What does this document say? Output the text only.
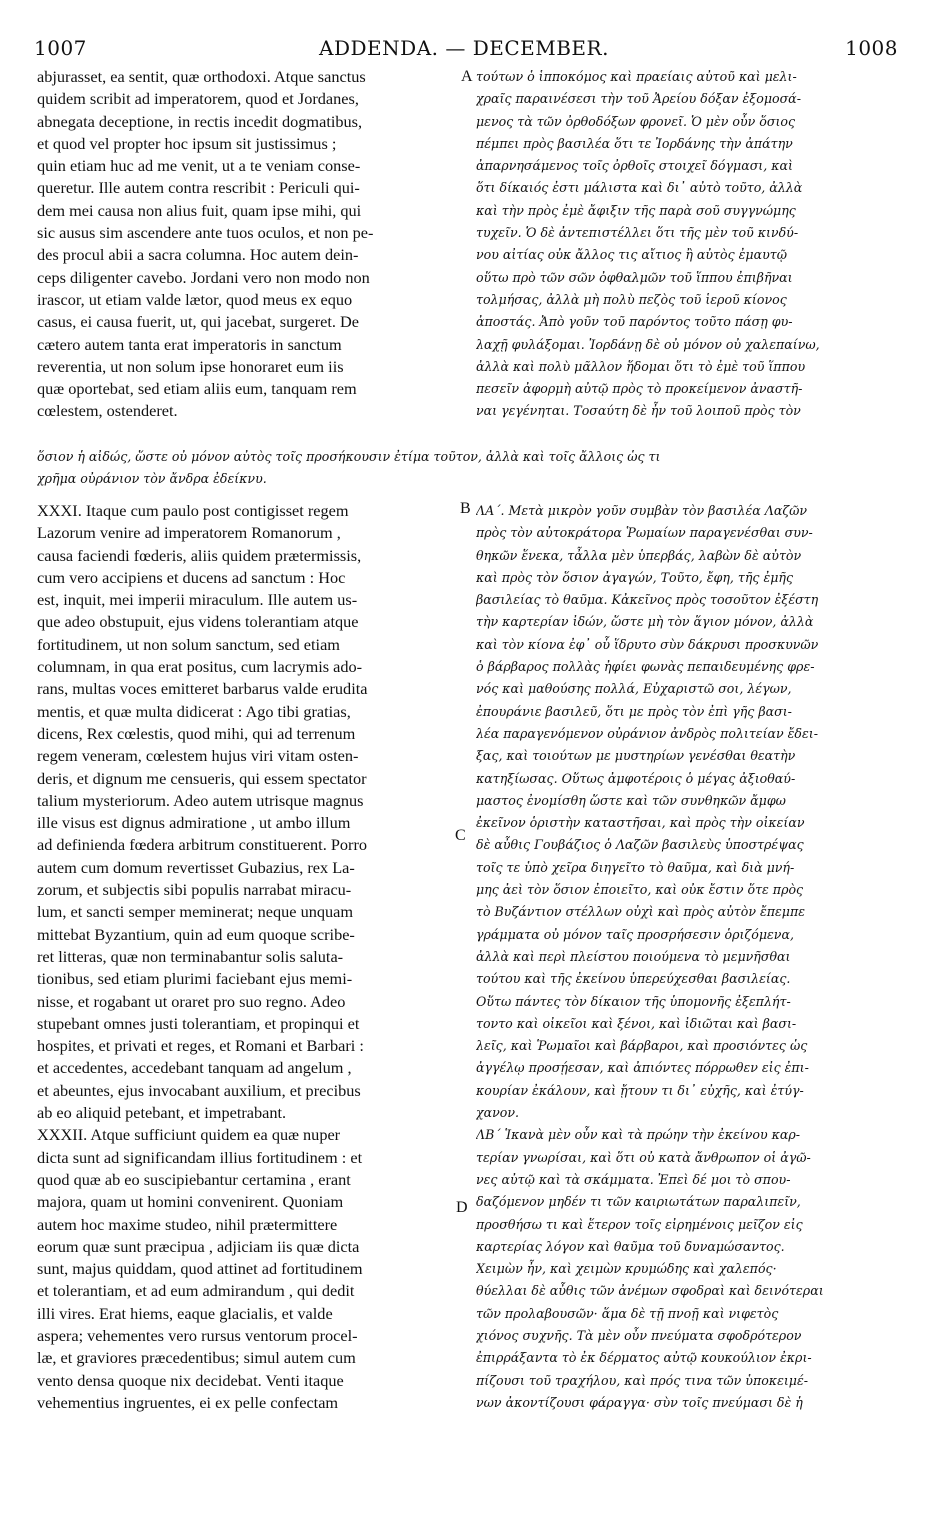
1007	ADDENDA. — DECEMBER.	1008
abjurasset, ea sentit, quæ orthodoxi. Atque sanctus
quidem scribit ad imperatorem, quod et Jordanes,
abnegata deceptione, in rectis incedit dogmatibus,
et quod vel propter hoc ipsum sit justissimus ;
quin etiam huc ad me venit, ut a te veniam conse-
queretur. Ille autem contra rescribit : Periculi qui-
dem mei causa non alius fuit, quam ipse mihi, qui
sic ausus sim ascendere ante tuos oculos, et non pe-
des procul abii a sacra columna. Hoc autem dein-
ceps diligenter cavebo. Jordani vero non modo non
irascor, ut etiam valde lætor, quod meus ex equo
casus, ei causa fuerit, ut, qui jacebat, surgeret. De
cætero autem tanta erat imperatoris in sanctum
reverentia, ut non solum ipse honoraret eum iis
quæ oportebat, sed etiam aliis eum, tanquam rem
cœlestem, ostenderet.
τούτων ὁ ἱπποκόμος καὶ πραείαις αὐτοῦ καὶ μελι-
χραῖς παραινέσεσι τὴν τοῦ Ἀρείου δόξαν ἐξομοσά-
μενος τὰ τῶν ὀρθοδόξων φρονεῖ. Ὁ μὲν οὖν ὅσιος
πέμπει πρὸς βασιλέα ὅτι τε Ἰορδάνης τὴν ἀπάτην
ἀπαρνησάμενος τοῖς ὀρθοῖς στοιχεῖ δόγμασι, καὶ
ὅτι δίκαιός ἐστι μάλιστα καὶ δι᾽ αὐτὸ τοῦτο, ἀλλὰ
καὶ τὴν πρὸς ἐμὲ ἄφιξιν τῆς παρὰ σοῦ συγγνώμης
τυχεῖν. Ὁ δὲ ἀντεπιστέλλει ὅτι τῆς μὲν τοῦ κινδύ-
νου αἰτίας οὐκ ἄλλος τις αἴτιος ἢ αὐτὸς ἐμαυτῷ
οὕτω πρὸ τῶν σῶν ὀφθαλμῶν τοῦ ἵππου ἐπιβῆναι
τολμήσας, ἀλλὰ μὴ πολὺ πεζὸς τοῦ ἱεροῦ κίονος
ἀποστάς. Ἀπὸ γοῦν τοῦ παρόντος τοῦτο πάσῃ φυ-
λαχῇ φυλάξομαι. Ἰορδάνῃ δὲ οὐ μόνον οὐ χαλεπαίνω,
ἀλλὰ καὶ πολὺ μᾶλλον ἥδομαι ὅτι τὸ ἐμὲ τοῦ ἵππου
πεσεῖν ἀφορμὴ αὐτῷ πρὸς τὸ προκείμενον ἀναστῆ-
ναι γεγένηται. Τοσαύτη δὲ ἦν τοῦ λοιποῦ πρὸς τὸν
ὅσιον ἡ αἰδώς, ὥστε οὐ μόνον αὐτὸς τοῖς προσήκουσιν ἐτίμα τοῦτον, ἀλλὰ καὶ τοῖς ἄλλοις ὡς τι
χρῆμα οὐράνιον τὸν ἄνδρα ἐδείκνυ.
XXXI. Itaque cum paulo post contigisset regem
Lazorum venire ad imperatorem Romanorum ,
causa faciendi fœderis, aliis quidem prætermissis,
cum vero accipiens et ducens ad sanctum : Hoc
est, inquit, mei imperii miraculum. Ille autem us-
que adeo obstupuit, ejus videns tolerantiam atque
fortitudinem, ut non solum sanctum, sed etiam
columnam, in qua erat positus, cum lacrymis ado-
rans, multas voces emitteret barbarus valde erudita
mentis, et quæ multa didicerat : Ago tibi gratias,
dicens, Rex cœlestis, quod mihi, qui ad terrenum
regem veneram, cœlestem hujus viri vitam osten-
deris, et dignum me censueris, qui essem spectator
talium mysteriorum. Adeo autem utrisque magnus
ille visus est dignus admiratione , ut ambo illum
ad definienda fœdera arbitrum constituerent. Porro
autem cum domum revertisset Gubazius, rex La-
zorum, et subjectis sibi populis narrabat miracu-
lum, et sancti semper meminerat; neque unquam
mittebat Byzantium, quin ad eum quoque scribe-
ret litteras, quæ non terminabantur solis saluta-
tionibus, sed etiam plurimi faciebant ejus memi-
nisse, et rogabant ut oraret pro suo regno. Adeo
stupebant omnes justi tolerantiam, et propinqui et
hospites, et privati et reges, et Romani et Barbari :
et accedentes, accedebant tanquam ad angelum ,
et abeuntes, ejus invocabant auxilium, et precibus
ab eo aliquid petebant, et impetrabant.
XXXII. Atque sufficiunt quidem ea quæ nuper
dicta sunt ad significandam illius fortitudinem : et
quod quæ ab eo suscipiebantur certamina , erant
majora, quam ut homini convenirent. Quoniam
autem hoc maxime studeo, nihil prætermittere
eorum quæ sunt præcipua , adjiciam iis quæ dicta
sunt, majus quiddam, quod attinet ad fortitudinem
et tolerantiam, et ad eum admirandum , qui dedit
illi vires. Erat hiems, eaque glacialis, et valde
aspera; vehementes vero rursus ventorum procel-
læ, et graviores præcedentibus; simul autem cum
vento densa quoque nix decidebat. Venti itaque
vehementius ingruentes, ei ex pelle confectam
ΛΑ΄. Μετὰ μικρὸν γοῦν συμβὰν τὸν βασιλέα Λαζῶν
πρὸς τὸν αὐτοκράτορα Ῥωμαίων παραγενέσθαι συν-
θηκῶν ἕνεκα, τἆλλα μὲν ὑπερβάς, λαβὼν δὲ αὐτὸν
καὶ πρὸς τὸν ὅσιον ἀγαγών, Τοῦτο, ἔφη, τῆς ἐμῆς
βασιλείας τὸ θαῦμα. Κἀκεῖνος πρὸς τοσοῦτον ἐξέστη
τὴν καρτερίαν ἰδών, ὥστε μὴ τὸν ἅγιον μόνον, ἀλλὰ
καὶ τὸν κίονα ἐφ᾽ οὗ ἵδρυτο σὺν δάκρυσι προσκυνῶν
ὁ βάρβαρος πολλὰς ἠφίει φωνὰς πεπαιδευμένης φρε-
νός καὶ μαθούσης πολλά, Εὐχαριστῶ σοι, λέγων,
ἐπουράνιε βασιλεῦ, ὅτι με πρὸς τὸν ἐπὶ γῆς βασι-
λέα παραγενόμενον οὐράνιον ἀνδρὸς πολιτείαν ἔδει-
ξας, καὶ τοιούτων με μυστηρίων γενέσθαι θεατὴν
κατηξίωσας. Οὕτως ἀμφοτέροις ὁ μέγας ἀξιοθαύ-
μαστος ἐνομίσθη ὥστε καὶ τῶν συνθηκῶν ἄμφω
ἐκεῖνον ὁριστὴν καταστῆσαι, καὶ πρὸς τὴν οἰκείαν
δὲ αὖθις Γουβάζιος ὁ Λαζῶν βασιλεὺς ὑποστρέψας
τοῖς τε ὑπὸ χεῖρα διηγεῖτο τὸ θαῦμα, καὶ διὰ μνή-
μης ἀεὶ τὸν ὅσιον ἐποιεῖτο, καὶ οὐκ ἔστιν ὅτε πρὸς
τὸ Βυζάντιον στέλλων οὐχὶ καὶ πρὸς αὐτὸν ἔπεμπε
γράμματα οὐ μόνον ταῖς προσρήσεσιν ὁριζόμενα,
ἀλλὰ καὶ περὶ πλείστου ποιούμενα τὸ μεμνῆσθαι
τούτου καὶ τῆς ἐκείνου ὑπερεύχεσθαι βασιλείας.
Οὕτω πάντες τὸν δίκαιον τῆς ὑπομονῆς ἐξεπλήτ-
τοντο καὶ οἰκεῖοι καὶ ξένοι, καὶ ἰδιῶται καὶ βασι-
λεῖς, καὶ Ῥωμαῖοι καὶ βάρβαροι, καὶ προσιόντες ὡς
ἀγγέλῳ προσῄεσαν, καὶ ἀπιόντες πόρρωθεν εἰς ἐπι-
κουρίαν ἐκάλουν, καὶ ᾔτουν τι δι᾽ εὐχῆς, καὶ ἐτύγ-
χανον.
ΛΒ΄ Ἱκανὰ μὲν οὖν καὶ τὰ πρώην τὴν ἐκείνου καρ-
τερίαν γνωρίσαι, καὶ ὅτι οὐ κατὰ ἄνθρωπον οἱ ἀγῶ-
νες αὐτῷ καὶ τὰ σκάμματα. Ἐπεὶ δέ μοι τὸ σπου-
δαζόμενον μηδέν τι τῶν καιριωτάτων παραλιπεῖν,
προσθήσω τι καὶ ἕτερον τοῖς εἰρημένοις μεῖζον εἰς
καρτερίας λόγον καὶ θαῦμα τοῦ δυναμώσαντος.
Χειμὼν ἦν, καὶ χειμὼν κρυμώδης καὶ χαλεπός·
θύελλαι δὲ αὖθις τῶν ἀνέμων σφοδραὶ καὶ δεινότεραι
τῶν προλαβουσῶν· ἅμα δὲ τῇ πνοῇ καὶ νιφετὸς
χιόνος συχνῆς. Τὰ μὲν οὖν πνεύματα σφοδρότερον
ἐπιρράξαντα τὸ ἐκ δέρματος αὐτῷ κουκούλιον ἐκρι-
πίζουσι τοῦ τραχήλου, καὶ πρός τινα τῶν ὑποκειμέ-
νων ἀκοντίζουσι φάραγγα· σὺν τοῖς πνεύμασι δὲ ἡ
A
B
C
D
